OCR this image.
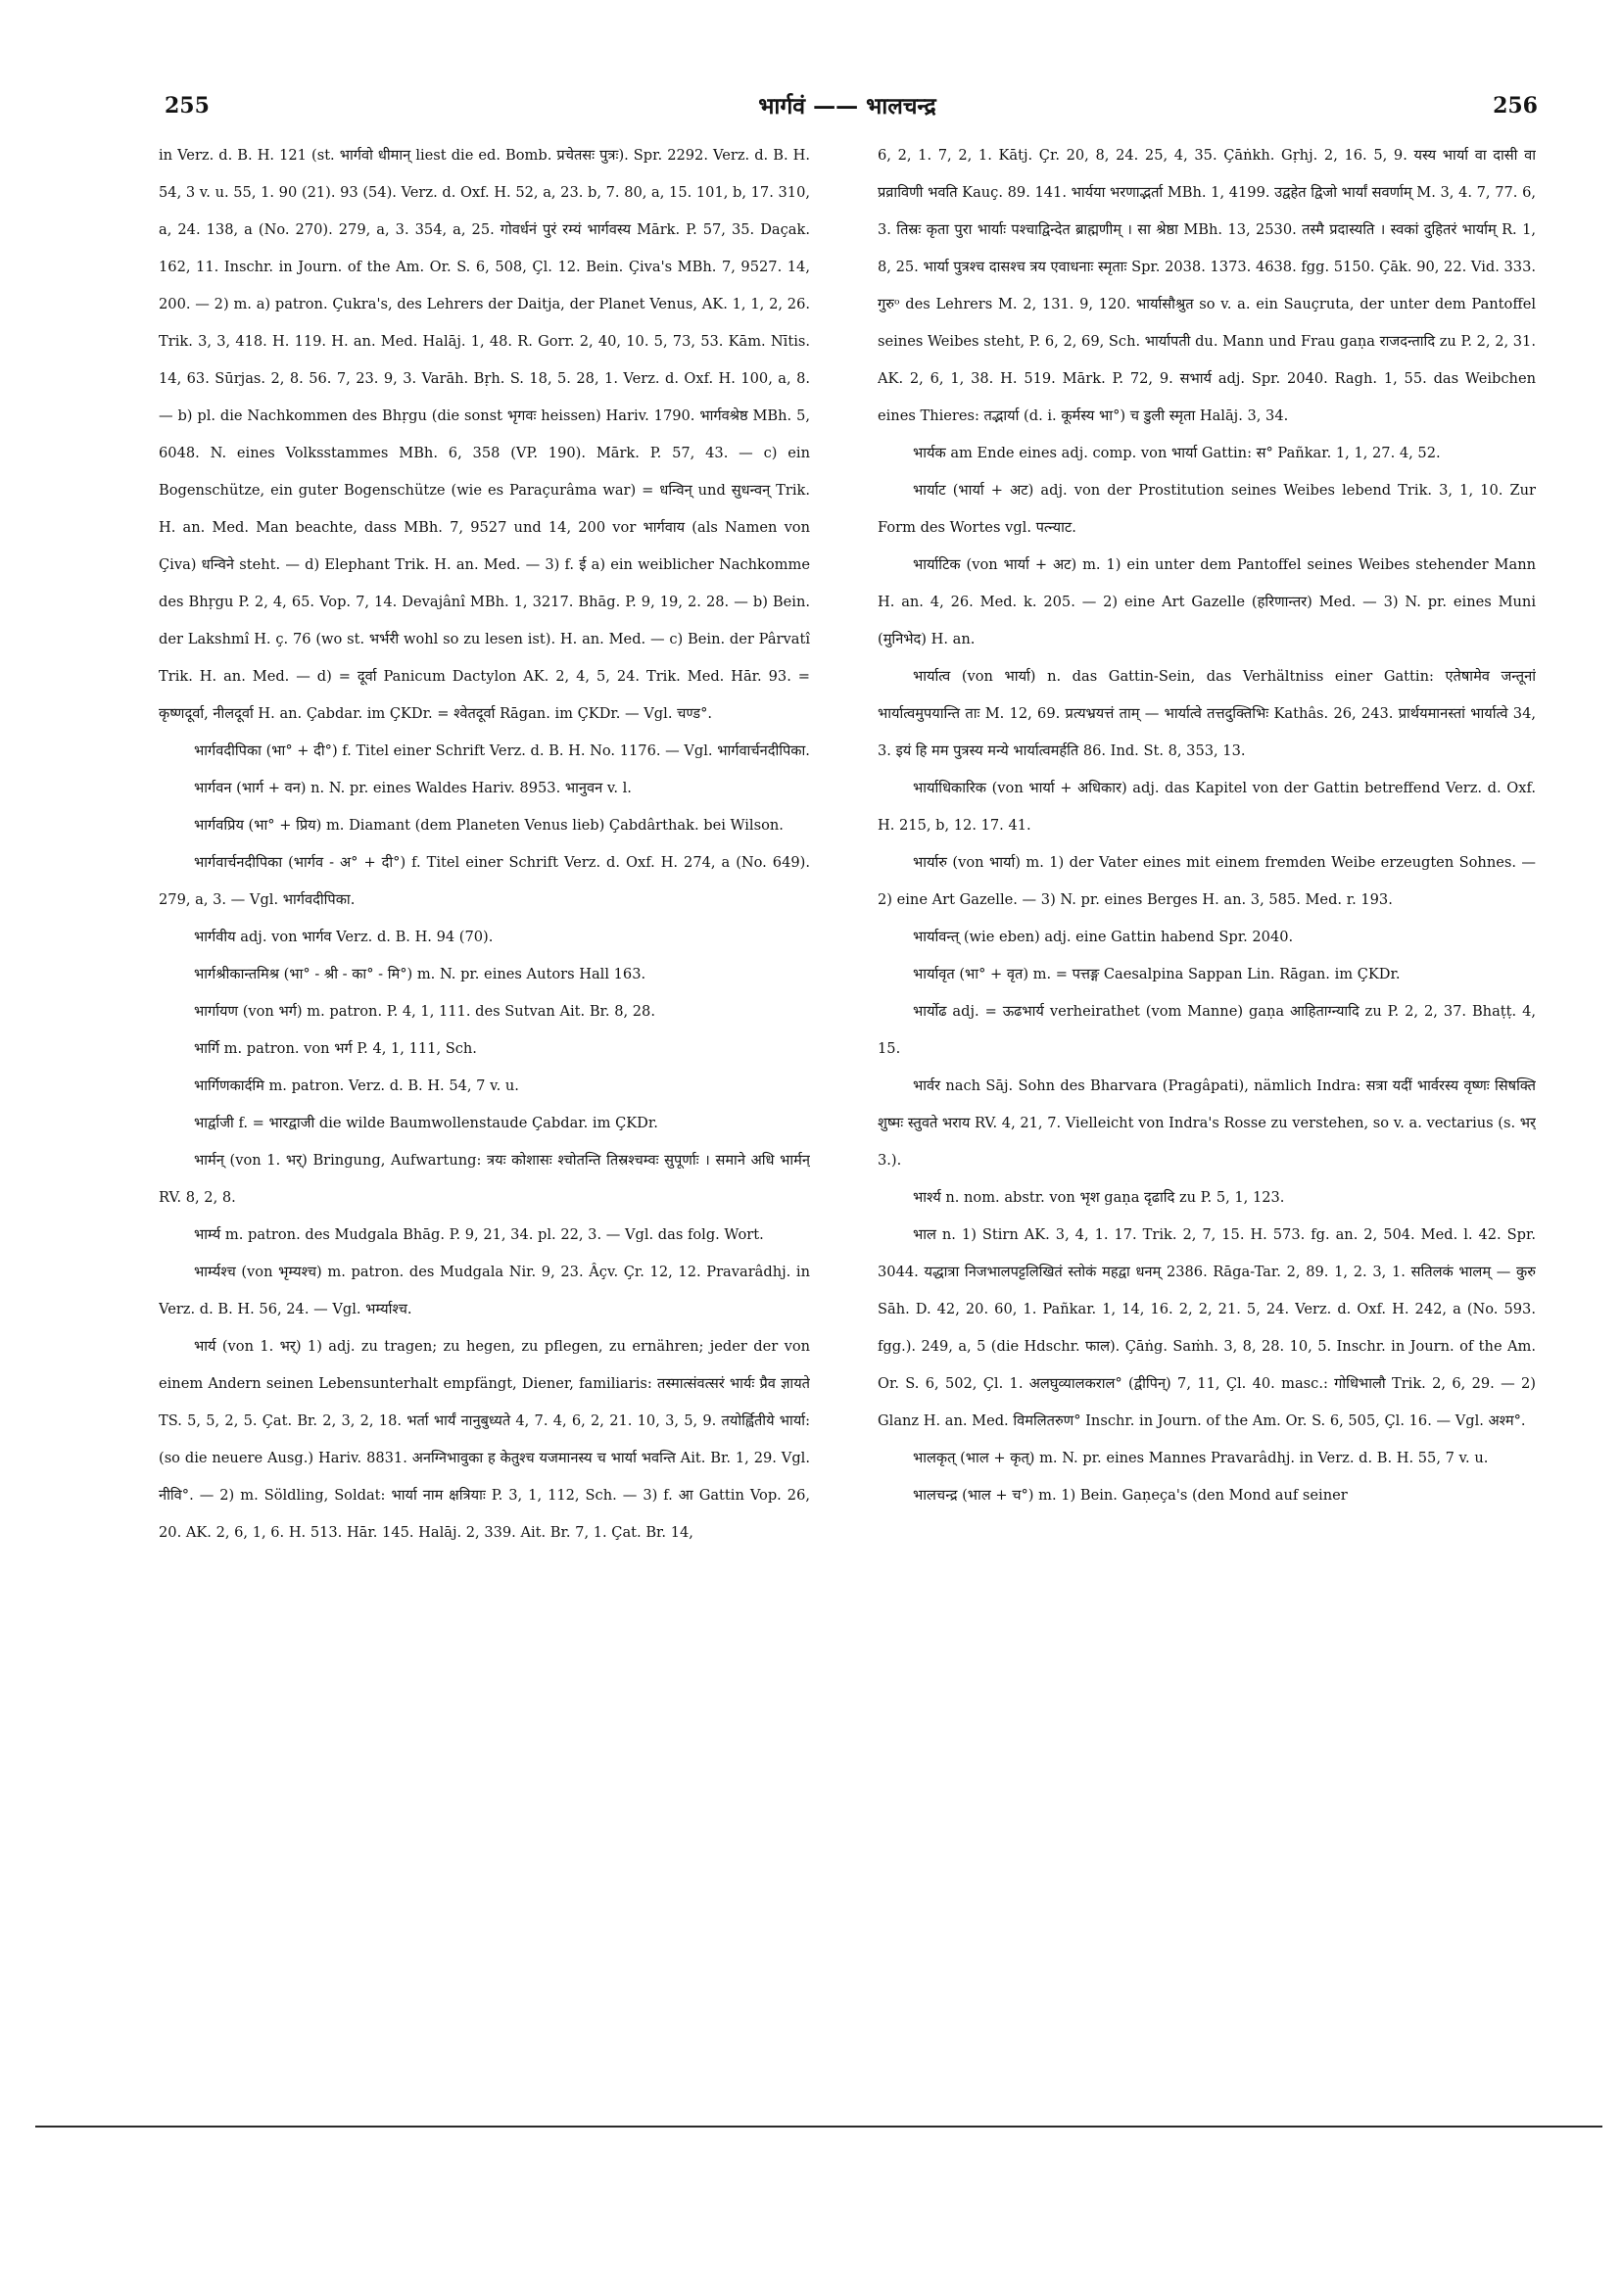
255	भार्गवं —— भालचन्द्र	256

in Verz. d. B. H. 121 (st. भार्गवो धीमान् liest die ed. Bomb. प्रचेतसः पुत्रः). Spr. 2292. Verz. d. B. H. 54, 3 v. u. 55, 1. 90 (21). 93 (54). Verz. d. Oxf. H. 52, a, 23. b, 7. 80, a, 15. 101, b, 17. 310, a, 24. 138, a (No. 270). 279, a, 3. 354, a, 25. गोवर्धनं पुरं रम्यं भार्गवस्य Mārk. P. 57, 35. Daçak. 162, 11. Inschr. in Journ. of the Am. Or. S. 6, 508, Çl. 12. Bein. Çiva's MBh. 7, 9527. 14, 200. — 2) m. a) patron. Çukra's, des Lehrers der Daitja, der Planet Venus, AK. 1, 1, 2, 26. Trik. 3, 3, 418. H. 119. H. an. Med. Halāj. 1, 48. R. Gorr. 2, 40, 10. 5, 73, 53. Kām. Nītis. 14, 63. Sūrjas. 2, 8. 56. 7, 23. 9, 3. Varāh. Bṛh. S. 18, 5. 28, 1. Verz. d. Oxf. H. 100, a, 8. — b) pl. die Nachkommen des Bhṛgu (die sonst भृगवः heissen) Hariv. 1790. भार्गवश्रेष्ठ MBh. 5, 6048. N. eines Volksstammes MBh. 6, 358 (VP. 190). Mārk. P. 57, 43. — c) ein Bogenschütze, ein guter Bogenschütze (wie es Paraçurâma war) = धन्विन् und सुधन्वन् Trik. H. an. Med. Man beachte, dass MBh. 7, 9527 und 14, 200 vor भार्गवाय (als Namen von Çiva) धन्विने steht. — d) Elephant Trik. H. an. Med. — 3) f. ई a) ein weiblicher Nachkomme des Bhṛgu P. 2, 4, 65. Vop. 7, 14. Devajânî MBh. 1, 3217. Bhāg. P. 9, 19, 2. 28. — b) Bein. der Lakshmî H. ç. 76 (wo st. भर्भरी wohl so zu lesen ist). H. an. Med. — c) Bein. der Pârvatî Trik. H. an. Med. — d) = दूर्वा Panicum Dactylon AK. 2, 4, 5, 24. Trik. Med. Hār. 93. = कृष्णदूर्वा, नीलदूर्वा H. an. Çabdar. im ÇKDr. = श्वेतदूर्वा Rāgan. im ÇKDr. — Vgl. चण्ड°.

भार्गवदीपिका (भा° + दी°) f. Titel einer Schrift Verz. d. B. H. No. 1176. — Vgl. भार्गवार्चनदीपिका.

भार्गवन (भार्ग + वन) n. N. pr. eines Waldes Hariv. 8953. भानुवन v. l.

भार्गवप्रिय (भा° + प्रिय) m. Diamant (dem Planeten Venus lieb) Çabdârthak. bei Wilson.

भार्गवार्चनदीपिका (भार्गव - अ° + दी°) f. Titel einer Schrift Verz. d. Oxf. H. 274, a (No. 649). 279, a, 3. — Vgl. भार्गवदीपिका.

भार्गवीय adj. von भार्गव Verz. d. B. H. 94 (70).

भार्गश्रीकान्तमिश्र (भा° - श्री - का° - मि°) m. N. pr. eines Autors Hall 163.

भार्गायण (von भर्ग) m. patron. P. 4, 1, 111. des Sutvan Ait. Br. 8, 28.

भार्गि m. patron. von भर्ग P. 4, 1, 111, Sch.

भार्गिणकार्दमि m. patron. Verz. d. B. H. 54, 7 v. u.

भार्द्वाजी f. = भारद्वाजी die wilde Baumwollenstaude Çabdar. im ÇKDr.

भार्मन् (von 1. भर्) Bringung, Aufwartung: त्रयः कोशासः श्चोतन्ति तिस्रश्चम्वः सुपूर्णाः । समाने अधि भार्मन् RV. 8, 2, 8.

भार्म्य m. patron. des Mudgala Bhāg. P. 9, 21, 34. pl. 22, 3. — Vgl. das folg. Wort.

भार्म्यश्च (von भृम्यश्च) m. patron. des Mudgala Nir. 9, 23. Âçv. Çr. 12, 12. Pravarâdhj. in Verz. d. B. H. 56, 24. — Vgl. भर्म्याश्च.

भार्य (von 1. भर्) 1) adj. zu tragen; zu hegen, zu pflegen, zu ernähren; jeder der von einem Andern seinen Lebensunterhalt empfängt, Diener, familiaris: तस्मात्संवत्सरं भार्यः प्रैव ज्ञायते TS. 5, 5, 2, 5. Çat. Br. 2, 3, 2, 18. भर्ता भार्यं नानुबुध्यते 4, 7. 4, 6, 2, 21. 10, 3, 5, 9. तयोर्ह्वितीये भार्या: (so die neuere Ausg.) Hariv. 8831. अनग्निभावुका ह केतुश्च यजमानस्य च भार्या भवन्ति Ait. Br. 1, 29. Vgl. नीवि°. — 2) m. Söldling, Soldat: भार्या नाम क्षत्रियाः P. 3, 1, 112, Sch. — 3) f. आ Gattin Vop. 26, 20. AK. 2, 6, 1, 6. H. 513. Hār. 145. Halāj. 2, 339. Ait. Br. 7, 1. Çat. Br. 14,

6, 2, 1. 7, 2, 1. Kātj. Çr. 20, 8, 24. 25, 4, 35. Çāṅkh. Gṛhj. 2, 16. 5, 9. यस्य भार्या वा दासी वा प्रव्राविणी भवति Kauç. 89. 141. भार्यया भरणाद्भर्ता MBh. 1, 4199. उद्वहेत द्विजो भार्यां सवर्णाम् M. 3, 4. 7, 77. 6, 3. तिस्रः कृता पुरा भार्याः पश्चाद्विन्देत ब्राह्मणीम् । सा श्रेष्ठा MBh. 13, 2530. तस्मै प्रदास्यति । स्वकां दुहितरं भार्याम् R. 1, 8, 25. भार्या पुत्रश्च दासश्च त्रय एवाधनाः स्मृताः Spr. 2038. 1373. 4638. fgg. 5150. Çāk. 90, 22. Vid. 333. गुरुᵒ des Lehrers M. 2, 131. 9, 120. भार्यासौश्रुत so v. a. ein Sauçruta, der unter dem Pantoffel seines Weibes steht, P. 6, 2, 69, Sch. भार्यापती du. Mann und Frau gaṇa राजदन्तादि zu P. 2, 2, 31. AK. 2, 6, 1, 38. H. 519. Mārk. P. 72, 9. सभार्य adj. Spr. 2040. Ragh. 1, 55. das Weibchen eines Thieres: तद्भार्या (d. i. कूर्मस्य भा°) च डुली स्मृता Halāj. 3, 34.

भार्यक am Ende eines adj. comp. von भार्या Gattin: स° Pañkar. 1, 1, 27. 4, 52.

भार्याट (भार्या + अट) adj. von der Prostitution seines Weibes lebend Trik. 3, 1, 10. Zur Form des Wortes vgl. पत्न्याट.

भार्याटिक (von भार्या + अट) m. 1) ein unter dem Pantoffel seines Weibes stehender Mann H. an. 4, 26. Med. k. 205. — 2) eine Art Gazelle (हरिणान्तर) Med. — 3) N. pr. eines Muni (मुनिभेद) H. an.

भार्यात्व (von भार्या) n. das Gattin-Sein, das Verhältniss einer Gattin: एतेषामेव जन्तूनां भार्यात्वमुपयान्ति ताः M. 12, 69. प्रत्यभ्रयत्तं ताम् — भार्यात्वे तत्तदुक्तिभिः Kathâs. 26, 243. प्रार्थयमानस्तां भार्यात्वे 34, 3. इयं हि मम पुत्रस्य मन्ये भार्यात्वमर्हति 86. Ind. St. 8, 353, 13.

भार्याधिकारिक (von भार्या + अधिकार) adj. das Kapitel von der Gattin betreffend Verz. d. Oxf. H. 215, b, 12. 17. 41.

भार्यारु (von भार्या) m. 1) der Vater eines mit einem fremden Weibe erzeugten Sohnes. — 2) eine Art Gazelle. — 3) N. pr. eines Berges H. an. 3, 585. Med. r. 193.

भार्यावन्त् (wie eben) adj. eine Gattin habend Spr. 2040.

भार्यावृत (भा° + वृत) m. = पत्तङ्ग Caesalpina Sappan Lin. Rāgan. im ÇKDr.

भार्योढ adj. = ऊढभार्य verheirathet (vom Manne) gaṇa आहिताग्न्यादि zu P. 2, 2, 37. Bhaṭṭ. 4, 15.

भार्वर nach Sāj. Sohn des Bharvara (Pragâpati), nämlich Indra: सत्रा यदीं भार्वरस्य वृष्णः सिषक्ति शुष्मः स्तुवते भराय RV. 4, 21, 7. Vielleicht von Indra's Rosse zu verstehen, so v. a. vectarius (s. भर् 3.).

भार्श्य n. nom. abstr. von भृश gaṇa दृढादि zu P. 5, 1, 123.

भाल n. 1) Stirn AK. 3, 4, 1. 17. Trik. 2, 7, 15. H. 573. fg. an. 2, 504. Med. l. 42. Spr. 3044. यद्धात्रा निजभालपट्टलिखितं स्तोकं महद्वा धनम् 2386. Rāga-Tar. 2, 89. 1, 2. 3, 1. सतिलकं भालम् — कुरु Sāh. D. 42, 20. 60, 1. Pañkar. 1, 14, 16. 2, 2, 21. 5, 24. Verz. d. Oxf. H. 242, a (No. 593. fgg.). 249, a, 5 (die Hdschr. फाल). Çāṅg. Saṁh. 3, 8, 28. 10, 5. Inschr. in Journ. of the Am. Or. S. 6, 502, Çl. 1. अलघुव्यालकराल° (द्वीपिन्) 7, 11, Çl. 40. masc.: गोधिभालौ Trik. 2, 6, 29. — 2) Glanz H. an. Med. विमलितरुण° Inschr. in Journ. of the Am. Or. S. 6, 505, Çl. 16. — Vgl. अश्म°.

भालकृत् (भाल + कृत्) m. N. pr. eines Mannes Pravarâdhj. in Verz. d. B. H. 55, 7 v. u.

भालचन्द्र (भाल + च°) m. 1) Bein. Gaṇeça's (den Mond auf seiner
